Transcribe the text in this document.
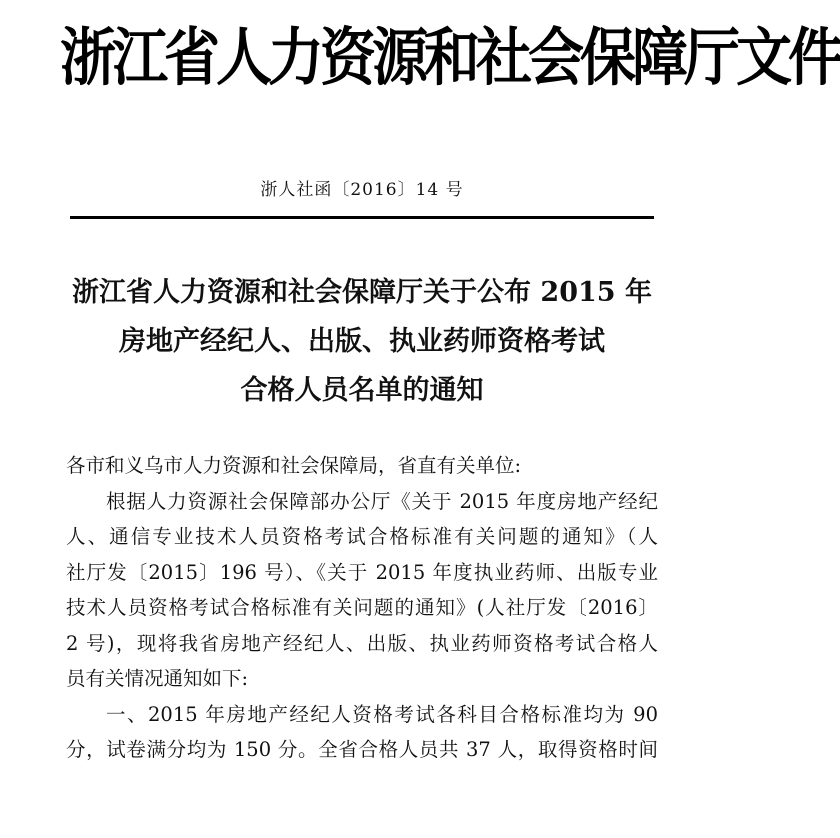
浙江省人力资源和社会保障厅文件
浙人社函〔2016〕14 号
浙江省人力资源和社会保障厅关于公布 2015 年
房地产经纪人、出版、执业药师资格考试
合格人员名单的通知
各市和义乌市人力资源和社会保障局，省直有关单位:
根据人力资源社会保障部办公厅《关于 2015 年度房地产经纪
人、通信专业技术人员资格考试合格标准有关问题的通知》（人
社厅发〔2015〕196 号）、《关于 2015 年度执业药师、出版专业
技术人员资格考试合格标准有关问题的通知》(人社厅发〔2016〕
2 号)，现将我省房地产经纪人、出版、执业药师资格考试合格人
员有关情况通知如下:
一、2015 年房地产经纪人资格考试各科目合格标准均为 90
分，试卷满分均为 150 分。全省合格人员共 37 人，取得资格时间
